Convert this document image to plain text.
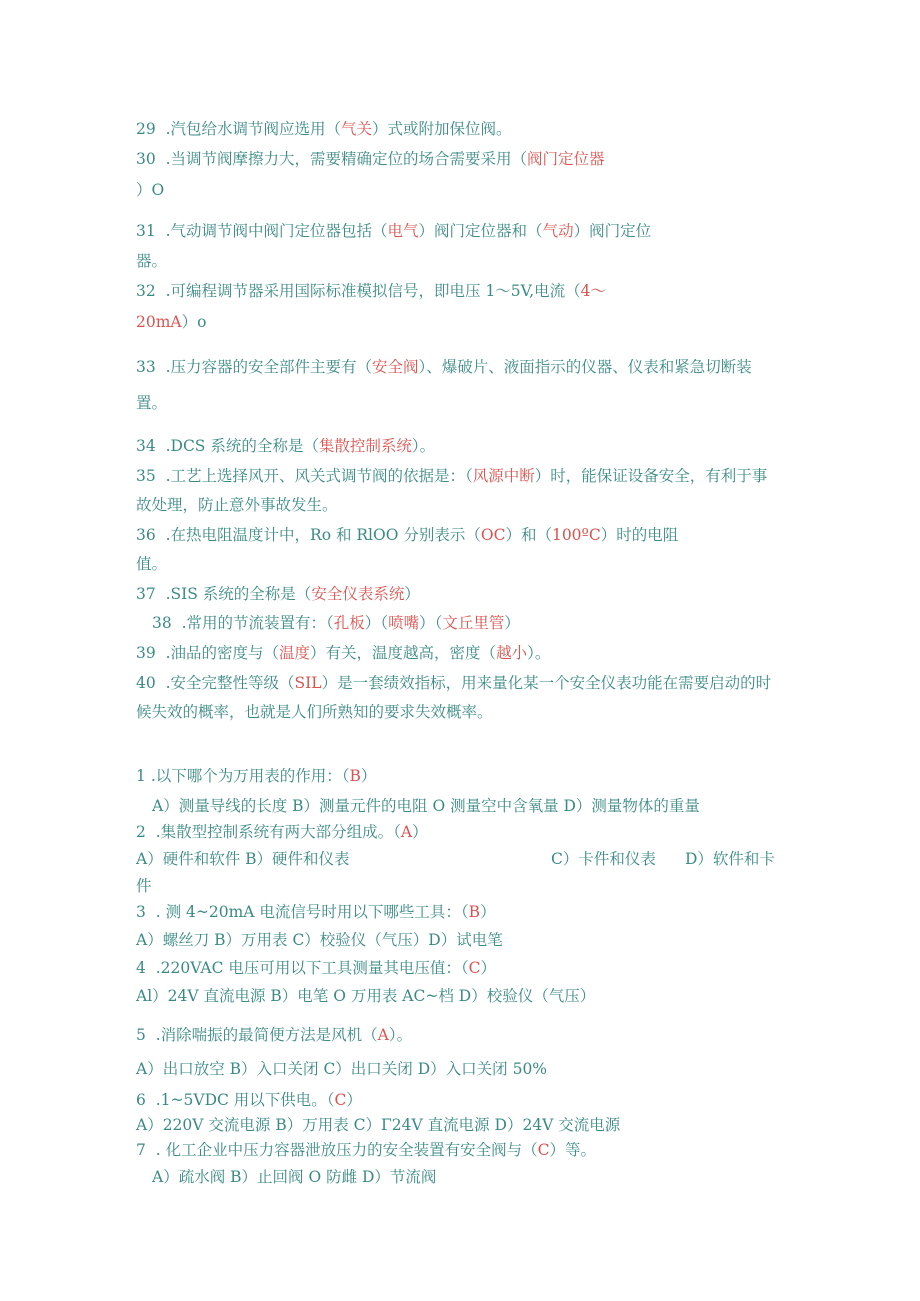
29 .汽包给水调节阀应选用（气关）式或附加保位阀。
30 .当调节阀摩擦力大，需要精确定位的场合需要采用（阀门定位器
）O
31 .气动调节阀中阀门定位器包括（电气）阀门定位器和（气动）阀门定位
器。
32 .可编程调节器采用国际标准模拟信号，即电压 1～5V,电流（4～
20mA）o
33 .压力容器的安全部件主要有（安全阀）、爆破片、液面指示的仪器、仪表和紧急切断装
置。
34 .DCS 系统的全称是（集散控制系统）。
35 .工艺上选择风开、风关式调节阀的依据是：（风源中断）时，能保证设备安全，有利于事
故处理，防止意外事故发生。
36 .在热电阻温度计中，Ro 和 RlOO 分别表示（OC）和（100ºC）时的电阻
值。
37 .SIS 系统的全称是（安全仪表系统）
38 .常用的节流装置有：（孔板）（喷嘴）（文丘里管）
39 .油品的密度与（温度）有关，温度越高，密度（越小）。
40 .安全完整性等级（SIL）是一套绩效指标，用来量化某一个安全仪表功能在需要启动的时
候失效的概率，也就是人们所熟知的要求失效概率。
1 .以下哪个为万用表的作用：（B）
A）测量导线的长度 B）测量元件的电阻 O 测量空中含氧量 D）测量物体的重量
2 .集散型控制系统有两大部分组成。（A）
A）硬件和软件 B）硬件和仪表	C）卡件和仪表 D）软件和卡
件
3 . 测 4~20mA 电流信号时用以下哪些工具：（B）
A）螺丝刀 B）万用表 C）校验仪（气压）D）试电笔
4 .220VAC 电压可用以下工具测量其电压值：（C）
Al）24V 直流电源 B）电笔 O 万用表 AC~档 D）校验仪（气压）
5 .消除喘振的最简便方法是风机（A）。
A）出口放空 B）入口关闭 C）出口关闭 D）入口关闭 50%
6 .1~5VDC 用以下供电。（C）
A）220V 交流电源 B）万用表 C）Γ24V 直流电源 D）24V 交流电源
7 . 化工企业中压力容器泄放压力的安全装置有安全阀与（C）等。
A）疏水阀 B）止回阀 O 防雌 D）节流阀
